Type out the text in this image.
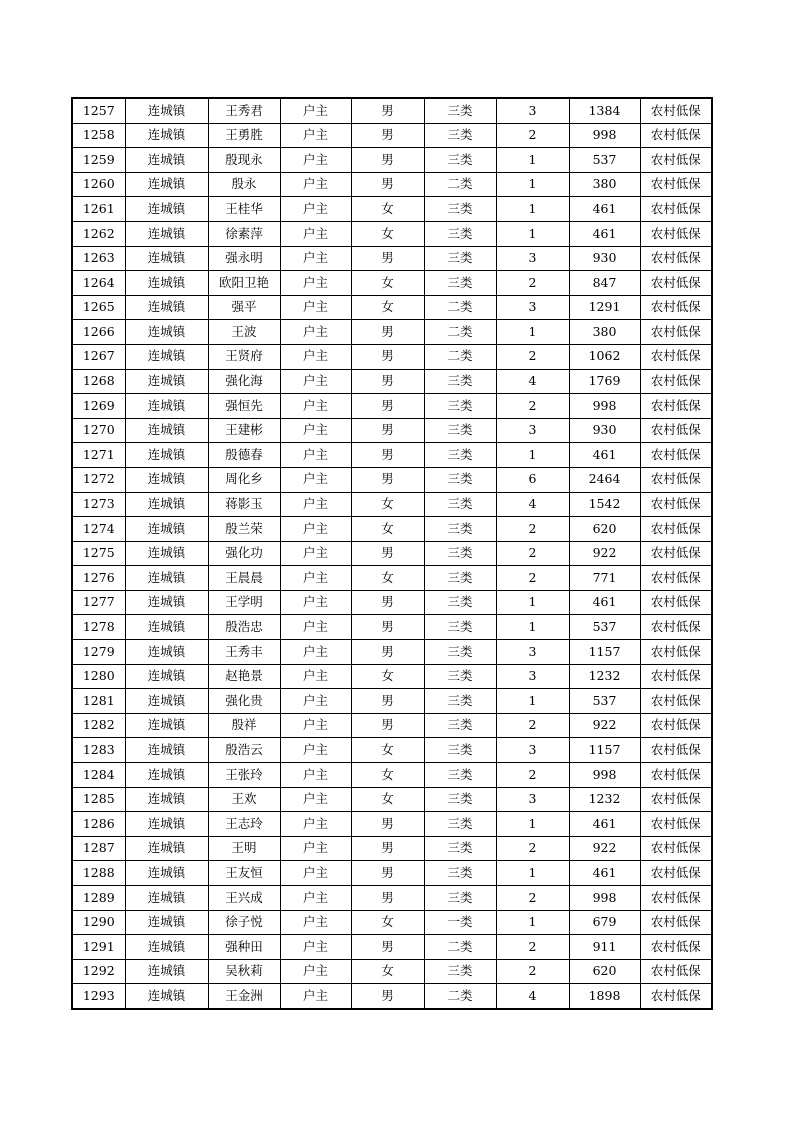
1257	连城镇	王秀君	户主	男	三类	3	1384	农村低保
1258	连城镇	王勇胜	户主	男	三类	2	998	农村低保
1259	连城镇	殷现永	户主	男	三类	1	537	农村低保
1260	连城镇	殷永	户主	男	二类	1	380	农村低保
1261	连城镇	王桂华	户主	女	三类	1	461	农村低保
1262	连城镇	徐素萍	户主	女	三类	1	461	农村低保
1263	连城镇	强永明	户主	男	三类	3	930	农村低保
1264	连城镇	欧阳卫艳	户主	女	三类	2	847	农村低保
1265	连城镇	强平	户主	女	二类	3	1291	农村低保
1266	连城镇	王波	户主	男	二类	1	380	农村低保
1267	连城镇	王贤府	户主	男	二类	2	1062	农村低保
1268	连城镇	强化海	户主	男	三类	4	1769	农村低保
1269	连城镇	强恒先	户主	男	三类	2	998	农村低保
1270	连城镇	王建彬	户主	男	三类	3	930	农村低保
1271	连城镇	殷德春	户主	男	三类	1	461	农村低保
1272	连城镇	周化乡	户主	男	三类	6	2464	农村低保
1273	连城镇	蒋影玉	户主	女	三类	4	1542	农村低保
1274	连城镇	殷兰荣	户主	女	三类	2	620	农村低保
1275	连城镇	强化功	户主	男	三类	2	922	农村低保
1276	连城镇	王晨晨	户主	女	三类	2	771	农村低保
1277	连城镇	王学明	户主	男	三类	1	461	农村低保
1278	连城镇	殷浩忠	户主	男	三类	1	537	农村低保
1279	连城镇	王秀丰	户主	男	三类	3	1157	农村低保
1280	连城镇	赵艳景	户主	女	三类	3	1232	农村低保
1281	连城镇	强化贵	户主	男	三类	1	537	农村低保
1282	连城镇	殷祥	户主	男	三类	2	922	农村低保
1283	连城镇	殷浩云	户主	女	三类	3	1157	农村低保
1284	连城镇	王张玲	户主	女	三类	2	998	农村低保
1285	连城镇	王欢	户主	女	三类	3	1232	农村低保
1286	连城镇	王志玲	户主	男	三类	1	461	农村低保
1287	连城镇	王明	户主	男	三类	2	922	农村低保
1288	连城镇	王友恒	户主	男	三类	1	461	农村低保
1289	连城镇	王兴成	户主	男	三类	2	998	农村低保
1290	连城镇	徐子悦	户主	女	一类	1	679	农村低保
1291	连城镇	强种田	户主	男	二类	2	911	农村低保
1292	连城镇	吴秋莉	户主	女	三类	2	620	农村低保
1293	连城镇	王金洲	户主	男	二类	4	1898	农村低保
